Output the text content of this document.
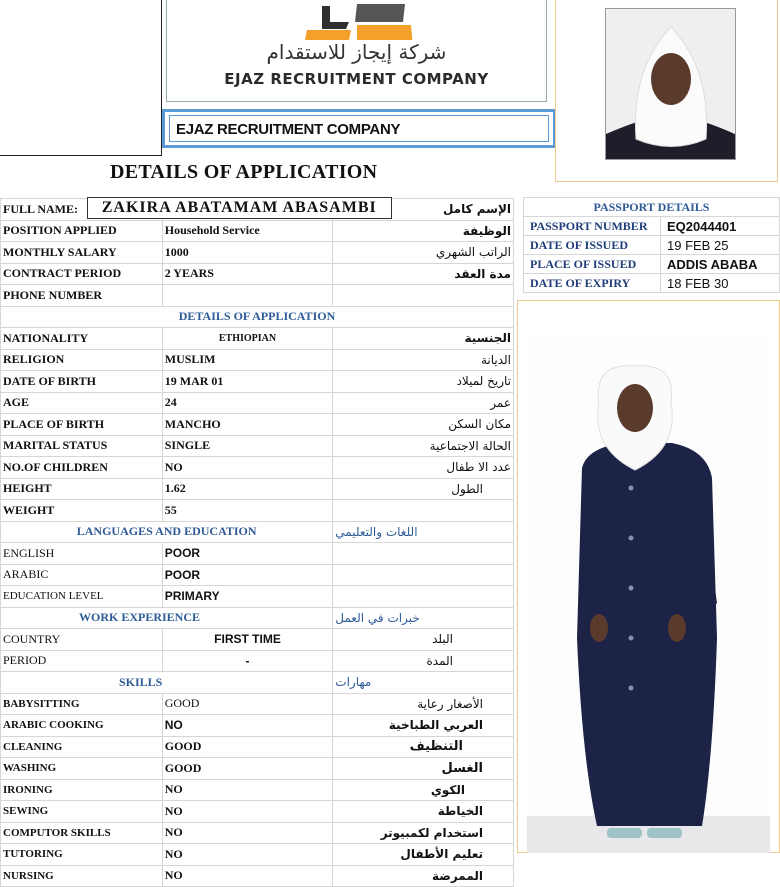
شركة إيجاز للاستقدام
EJAZ RECRUITMENT COMPANY
EJAZ RECRUITMENT COMPANY
DETAILS OF APPLICATION
FULL NAME:	ZAKIRA ABATAMAM ABASAMBI	الإسم كامل
POSITION APPLIED	Household Service	الوظيفة
MONTHLY SALARY	1000	الراتب الشهري
CONTRACT PERIOD	2 YEARS	مدة العقد
PHONE NUMBER		
DETAILS OF APPLICATION		
NATIONALITY	ETHIOPIAN	الجنسية
RELIGION	MUSLIM	الديانة
DATE OF BIRTH	19 MAR 01	تاريخ لميلاد
AGE	24	عمر
PLACE OF BIRTH	MANCHO	مكان السكن
MARITAL STATUS	SINGLE	الحالة الاجتماعية
NO.OF CHILDREN	NO	عدد الا طفال
HEIGHT	1.62	الطول
WEIGHT	55	
LANGUAGES AND EDUCATION		اللغات والتعليمي
ENGLISH	POOR	
ARABIC	POOR	
EDUCATION LEVEL	PRIMARY	
WORK EXPERIENCE		خبرات في العمل
COUNTRY	FIRST TIME	البلد
PERIOD	-	المدة
SKILLS		مهارات
BABYSITTING	GOOD	الأصغار رعاية
ARABIC COOKING	NO	العربي الطباخية
CLEANING	GOOD	التنظيف
WASHING	GOOD	الغسل
IRONING	NO	الكوي
SEWING	NO	الخياطة
COMPUTOR SKILLS	NO	استخدام لكمبيوتر
TUTORING	NO	تعليم الأطفال
NURSING	NO	الممرضة
PASSPORT DETAILS	
PASSPORT NUMBER	EQ2044401
DATE OF ISSUED	19 FEB 25
PLACE OF ISSUED	ADDIS ABABA
DATE OF EXPIRY	18 FEB 30
